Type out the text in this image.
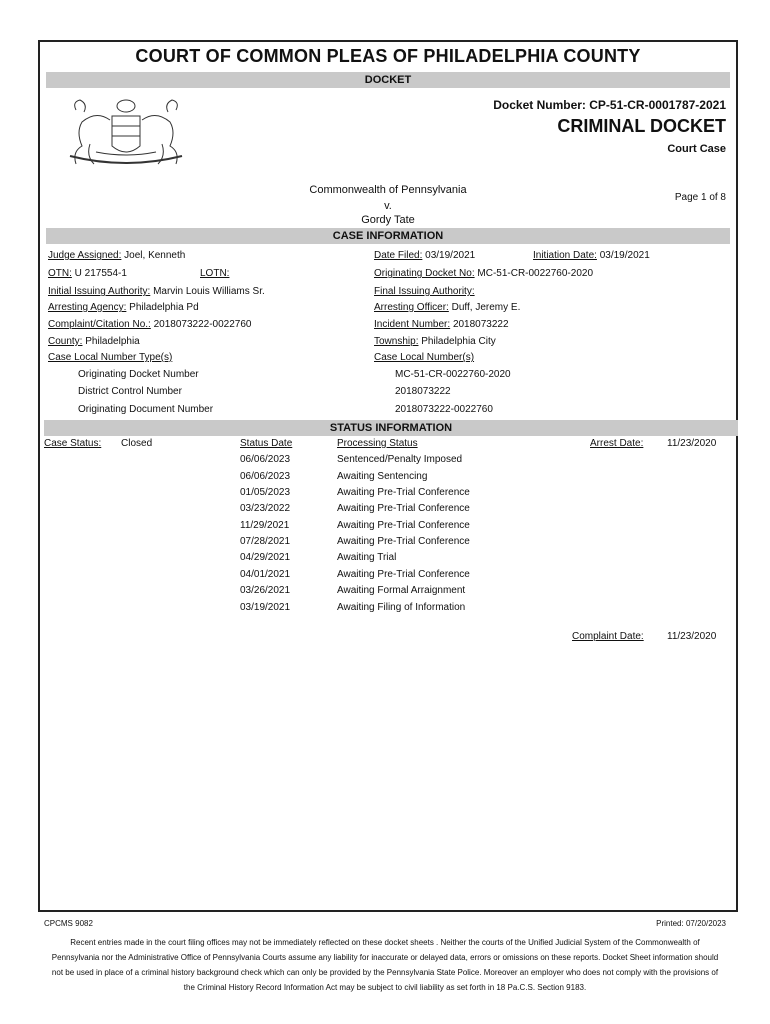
COURT OF COMMON PLEAS OF PHILADELPHIA COUNTY
DOCKET
Docket Number: CP-51-CR-0001787-2021
CRIMINAL DOCKET
Court Case
Commonwealth of Pennsylvania
v.
Gordy Tate
Page 1 of 8
CASE INFORMATION
Judge Assigned: Joel, Kenneth	Date Filed: 03/19/2021	Initiation Date: 03/19/2021
OTN: U 217554-1	LOTN:	Originating Docket No: MC-51-CR-0022760-2020
Initial Issuing Authority: Marvin Louis Williams Sr.	Final Issuing Authority:
Arresting Agency: Philadelphia Pd	Arresting Officer: Duff, Jeremy E.
Complaint/Citation No.: 2018073222-0022760	Incident Number: 2018073222
County: Philadelphia	Township: Philadelphia City
Case Local Number Type(s)	Case Local Number(s)
Originating Docket Number	MC-51-CR-0022760-2020
District Control Number	2018073222
Originating Document Number	2018073222-0022760
STATUS INFORMATION
Case Status: Closed	Status Date	Processing Status	Arrest Date: 11/23/2020
06/06/2023	Sentenced/Penalty Imposed
06/06/2023	Awaiting Sentencing
01/05/2023	Awaiting Pre-Trial Conference
03/23/2022	Awaiting Pre-Trial Conference
11/29/2021	Awaiting Pre-Trial Conference
07/28/2021	Awaiting Pre-Trial Conference
04/29/2021	Awaiting Trial
04/01/2021	Awaiting Pre-Trial Conference
03/26/2021	Awaiting Formal Arraignment
03/19/2021	Awaiting Filing of Information
Complaint Date: 11/23/2020
CPCMS 9082	Printed: 07/20/2023
Recent entries made in the court filing offices may not be immediately reflected on these docket sheets . Neither the courts of the Unified Judicial System of the Commonwealth of Pennsylvania nor the Administrative Office of Pennsylvania Courts assume any liability for inaccurate or delayed data, errors or omissions on these reports. Docket Sheet information should not be used in place of a criminal history background check which can only be provided by the Pennsylvania State Police. Moreover an employer who does not comply with the provisions of the Criminal History Record Information Act may be subject to civil liability as set forth in 18 Pa.C.S. Section 9183.
